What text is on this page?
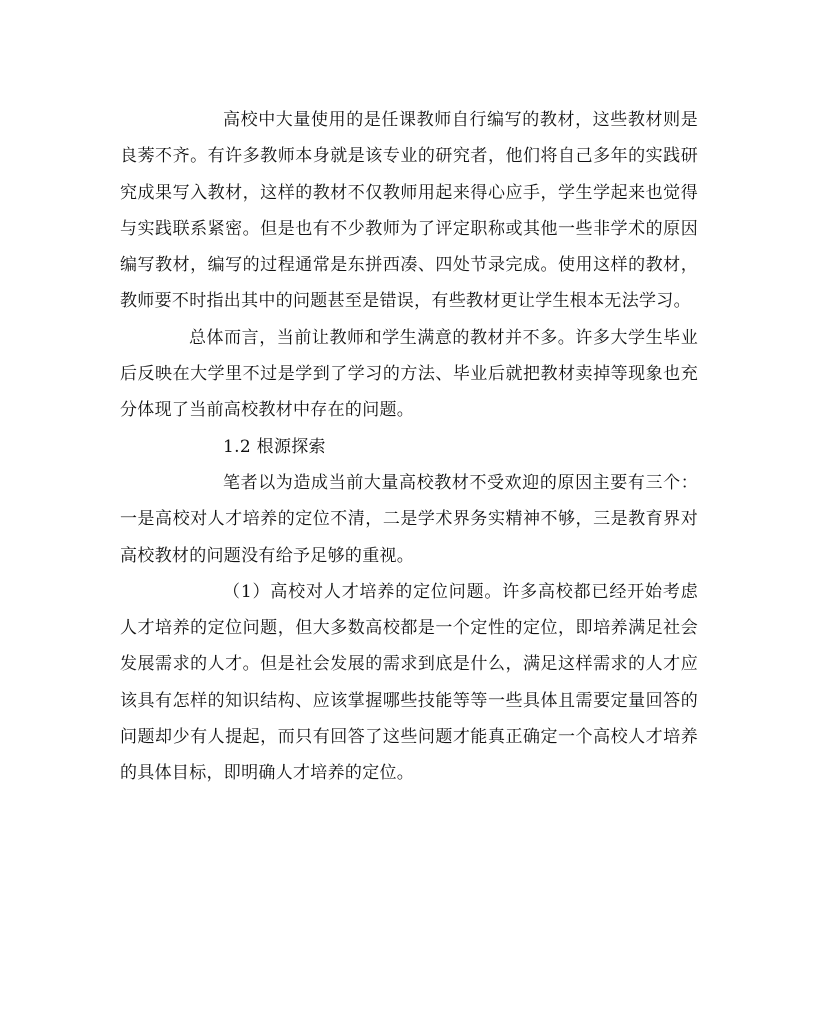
高校中大量使用的是任课教师自行编写的教材，这些教材则是良莠不齐。有许多教师本身就是该专业的研究者，他们将自己多年的实践研究成果写入教材，这样的教材不仅教师用起来得心应手，学生学起来也觉得与实践联系紧密。但是也有不少教师为了评定职称或其他一些非学术的原因编写教材，编写的过程通常是东拼西凑、四处节录完成。使用这样的教材，教师要不时指出其中的问题甚至是错误，有些教材更让学生根本无法学习。

总体而言，当前让教师和学生满意的教材并不多。许多大学生毕业后反映在大学里不过是学到了学习的方法、毕业后就把教材卖掉等现象也充分体现了当前高校教材中存在的问题。

1.2 根源探索

笔者以为造成当前大量高校教材不受欢迎的原因主要有三个：一是高校对人才培养的定位不清，二是学术界务实精神不够，三是教育界对高校教材的问题没有给予足够的重视。

（1）高校对人才培养的定位问题。许多高校都已经开始考虑人才培养的定位问题，但大多数高校都是一个定性的定位，即培养满足社会发展需求的人才。但是社会发展的需求到底是什么，满足这样需求的人才应该具有怎样的知识结构、应该掌握哪些技能等等一些具体且需要定量回答的问题却少有人提起，而只有回答了这些问题才能真正确定一个高校人才培养的具体目标，即明确人才培养的定位。
